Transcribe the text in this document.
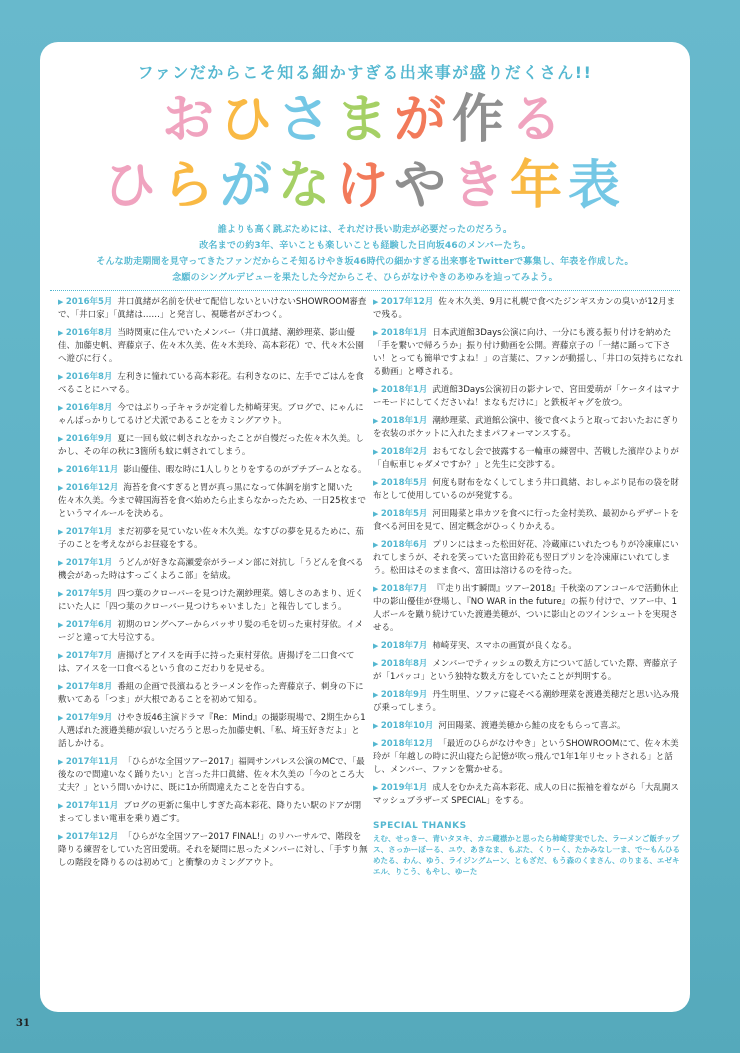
ファンだからこそ知る細かすぎる出来事が盛りだくさん!!
おひさまが作る
ひらがなけやき年表
誰よりも高く跳ぶためには、それだけ長い助走が必要だったのだろう。
改名までの約3年、辛いことも楽しいことも経験した日向坂46のメンバーたち。
そんな助走期間を見守ってきたファンだからこそ知るけやき坂46時代の細かすぎる出来事をTwitterで募集し、年表を作成した。
念願のシングルデビューを果たした今だからこそ、ひらがなけやきのあゆみを辿ってみよう。
▶ 2016年5月 井口眞緒が名前を伏せて配信しないといけないSHOWROOM審査で、「井口家」「眞緒は……」と発言し、視聴者がざわつく。
▶ 2016年8月 当時関東に住んでいたメンバー（井口眞緒、潮紗理菜、影山優佳、加藤史帆、齊藤京子、佐々木久美、佐々木美玲、高本彩花）で、代々木公園へ遊びに行く。
▶ 2016年8月 左利きに憧れている高本彩花。右利きなのに、左手でごはんを食べることにハマる。
▶ 2016年8月 今ではぶりっ子キャラが定着した柿崎芽実。ブログで、にゃんにゃんばっかりしてるけど犬派であることをカミングアウト。
▶ 2016年9月 夏に一回も蚊に刺されなかったことが自慢だった佐々木久美。しかし、その年の秋に3箇所も蚊に刺されてしまう。
▶ 2016年11月 影山優佳、暇な時に1人しりとりをするのがプチブームとなる。
▶ 2016年12月 海苔を食べすぎると胃が真っ黒になって体調を崩すと聞いた佐々木久美。今まで韓国海苔を食べ始めたら止まらなかったため、一日25枚までというマイルールを決める。
▶ 2017年1月 まだ初夢を見ていない佐々木久美。なすびの夢を見るために、茄子のことを考えながらお昼寝をする。
▶ 2017年1月 うどんが好きな高瀬愛奈がラーメン部に対抗し「うどんを食べる機会があった時はすっごくよろこ部」を結成。
▶ 2017年5月 四つ葉のクローバーを見つけた潮紗理菜。嬉しさのあまり、近くにいた人に「四つ葉のクローバー見つけちゃいました」と報告してしまう。
▶ 2017年6月 初期のロングヘアーからバッサリ髪の毛を切った東村芽依。イメージと違って大号泣する。
▶ 2017年7月 唐揚げとアイスを両手に持った東村芽依。唐揚げを二口食べては、アイスを一口食べるという食のこだわりを見せる。
▶ 2017年8月 番組の企画で長濱ねるとラーメンを作った齊藤京子、刺身の下に敷いてある「つま」が大根であることを初めて知る。
▶ 2017年9月 けやき坂46主演ドラマ『Re：Mind』の撮影現場で、2期生から1人選ばれた渡邉美穂が寂しいだろうと思った加藤史帆、「私、埼玉好きだよ」と話しかける。
▶ 2017年11月 「ひらがな全国ツアー2017」福岡サンパレス公演のMCで、「最後なので間違いなく踊りたい」と言った井口眞緒、佐々木久美の「今のところ大丈夫？」という問いかけに、既に1か所間違えたことを告白する。
▶ 2017年11月 ブログの更新に集中しすぎた高本彩花、降りたい駅のドアが閉まってしまい電車を乗り過ごす。
▶ 2017年12月 「ひらがな全国ツアー2017 FINAL!」のリハーサルで、階段を降りる練習をしていた宮田愛萌。それを疑問に思ったメンバーに対し、「手すり無しの階段を降りるのは初めて」と衝撃のカミングアウト。
▶ 2017年12月 佐々木久美、9月に札幌で食べたジンギスカンの臭いが12月まで残る。
▶ 2018年1月 日本武道館3Days公演に向け、一分にも渡る振り付けを納めた「手を繋いで帰ろうか」振り付け動画を公開。齊藤京子の「一緒に踊って下さい！とっても簡単ですよね！」の言葉に、ファンが動揺し、「井口の気持ちになれる動画」と噂される。
▶ 2018年1月 武道館3Days公演初日の影ナレで、宮田愛萌が「ケータイはマナーモードにしてくださいね！まなもだけに」と鉄板ギャグを放つ。
▶ 2018年1月 潮紗理菜、武道館公演中、後で食べようと取っておいたおにぎりを衣装のポケットに入れたままパフォーマンスする。
▶ 2018年2月 おもてなし会で披露する一輪車の練習中、苦戦した濱岸ひよりが「自転車じゃダメですか？」と先生に交渉する。
▶ 2018年5月 何度も財布をなくしてしまう井口眞緒、おしゃぶり昆布の袋を財布として使用しているのが発覚する。
▶ 2018年5月 河田陽菜と串カツを食べに行った金村美玖、最初からデザートを食べる河田を見て、固定概念がひっくりかえる。
▶ 2018年6月 プリンにはまった松田好花、冷蔵庫にいれたつもりが冷凍庫にいれてしまうが、それを笑っていた富田鈴花も翌日プリンを冷凍庫にいれてしまう。松田はそのまま食べ、富田は溶けるのを待った。
▶ 2018年7月 『『走り出す瞬間』ツアー2018』千秋楽のアンコールで活動休止中の影山優佳が登場し、『NO WAR in the future』の振り付けで、ツアー中、1人ボールを蹴り続けていた渡邉美穂が、ついに影山とのツインシュートを実現させる。
▶ 2018年7月 柿崎芽実、スマホの画質が良くなる。
▶ 2018年8月 メンバーでティッシュの数え方について話していた際、齊藤京子が「1パッコ」という独特な数え方をしていたことが判明する。
▶ 2018年9月 丹生明里、ソファに寝そべる潮紗理菜を渡邉美穂だと思い込み飛び乗ってしまう。
▶ 2018年10月 河田陽菜、渡邉美穂から鮭の皮をもらって喜ぶ。
▶ 2018年12月 「最近のひらがなけやき」というSHOWROOMにて、佐々木美玲が「年越しの時に沢山寝たら記憶が吹っ飛んで1年1年リセットされる」と話し、メンバー、ファンを驚かせる。
▶ 2019年1月 成人をむかえた高本彩花、成人の日に振袖を着ながら「大乱闘スマッシュブラザーズ SPECIAL」をする。
SPECIAL THANKS
えむ、せっきー、青いタヌキ、カニ蔵襟かと思ったら柿崎芽実でした、ラーメンご飯チップス、さっかーぼーる、ユウ、あきなま、もぶた、くりーく、たかみなし一ま、で〜もんひるめたる、わん、ゆう、ライジングムーン、ともざだ、もう森のくまさん、のりまる、エゼキエル、りこう、もやし、ゆーた
31
